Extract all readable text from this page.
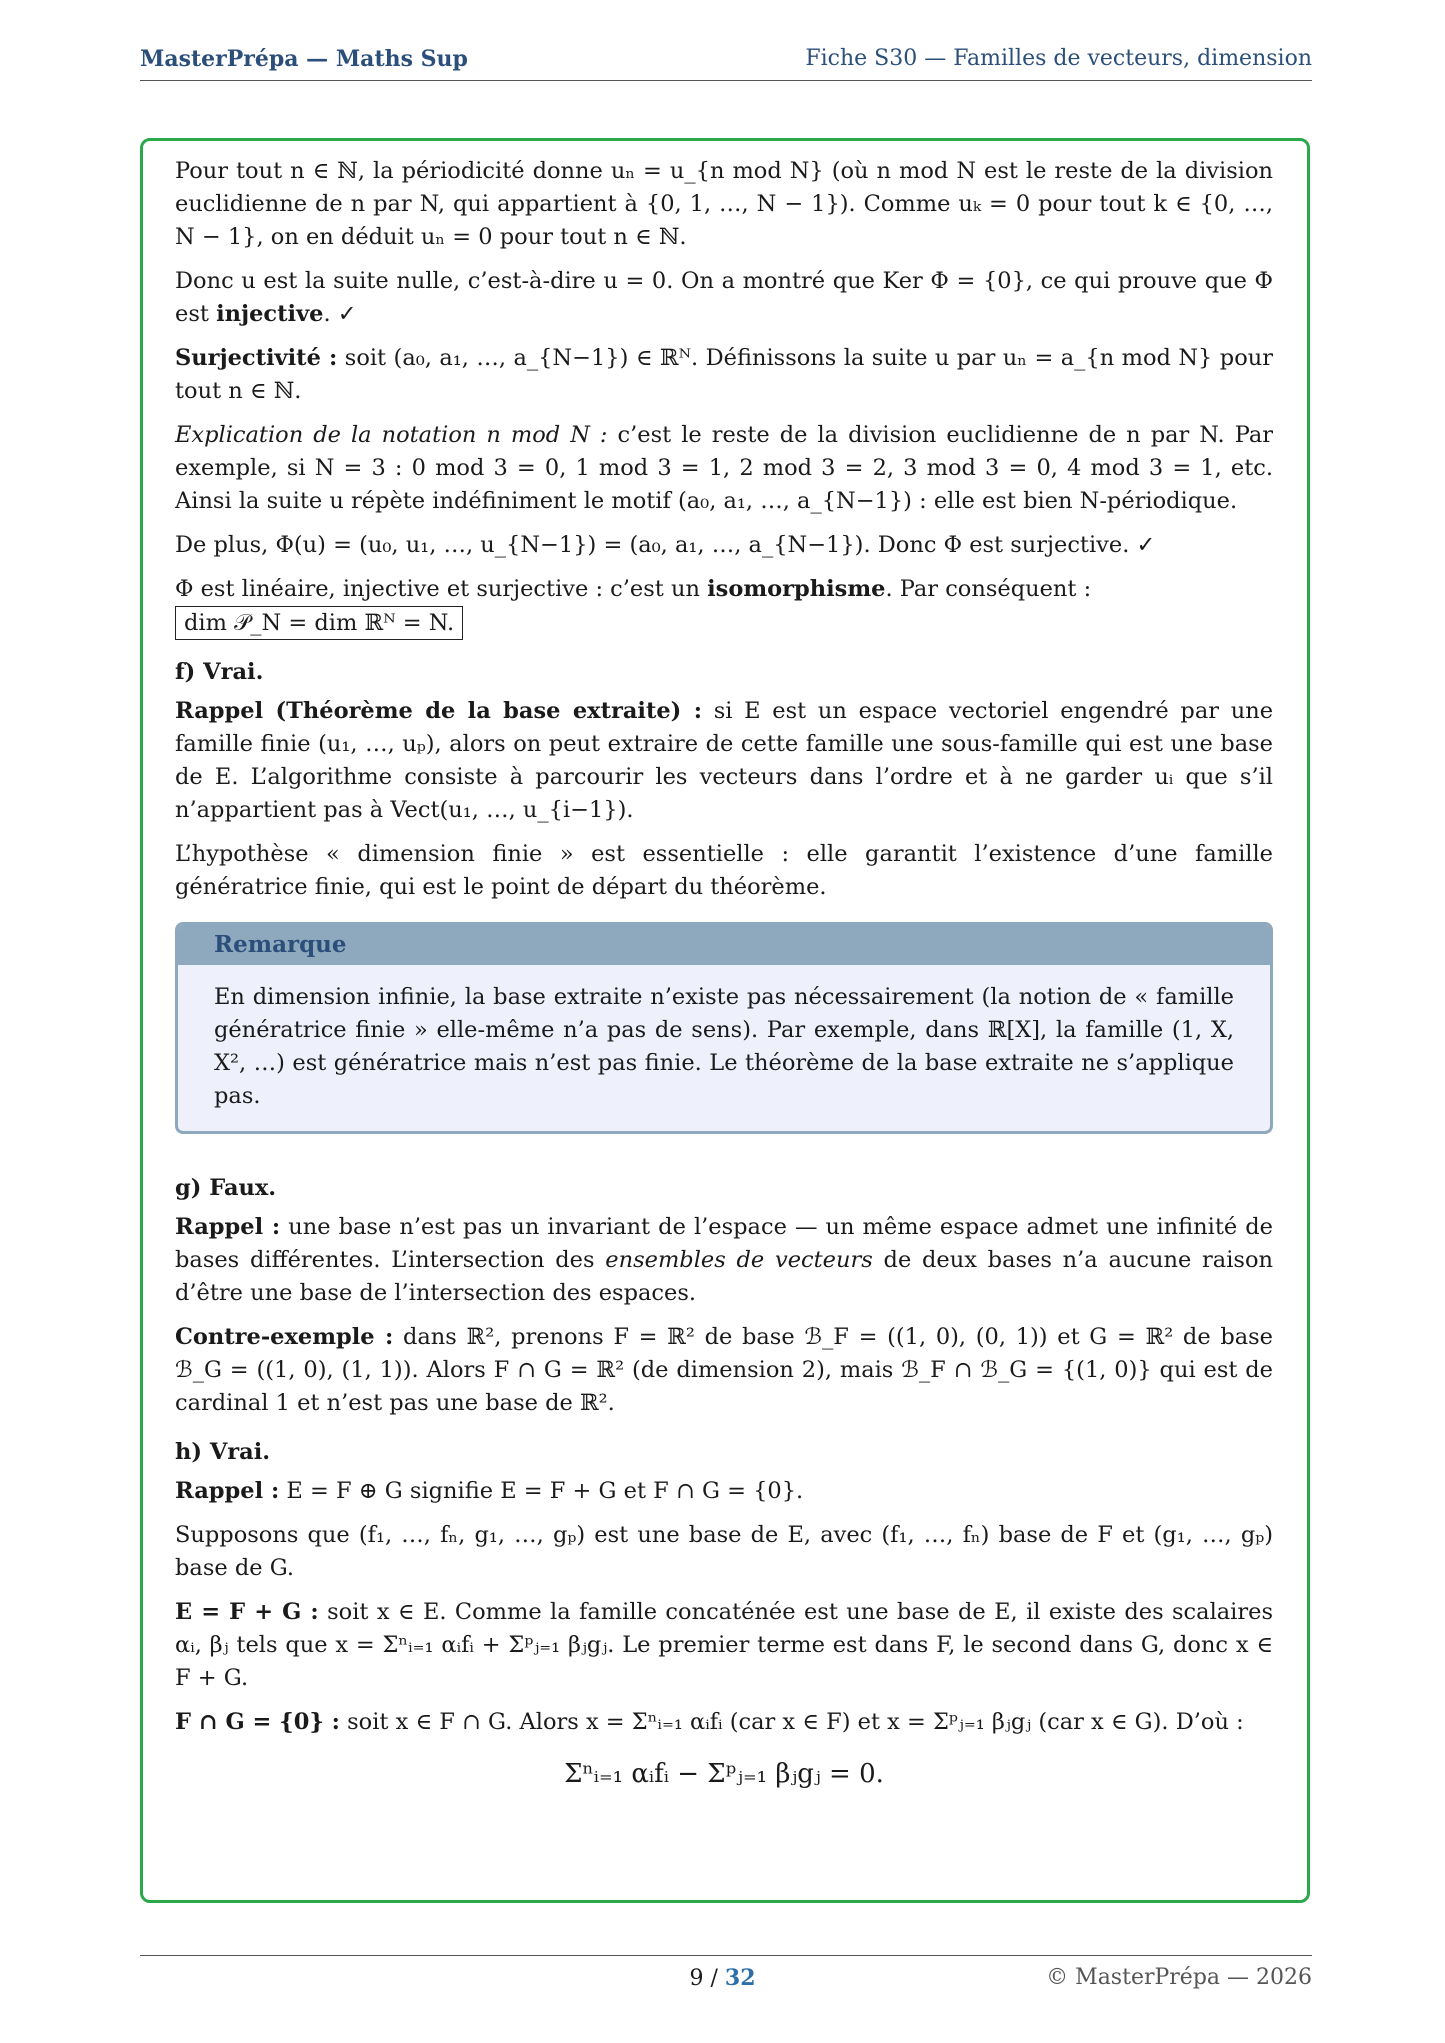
MasterPrépa — Maths Sup	Fiche S30 — Familles de vecteurs, dimension

Pour tout n ∈ ℕ, la périodicité donne uₙ = u_{n mod N} (où n mod N est le reste de la division euclidienne de n par N, qui appartient à {0, 1, …, N − 1}). Comme uₖ = 0 pour tout k ∈ {0, …, N − 1}, on en déduit uₙ = 0 pour tout n ∈ ℕ.

Donc u est la suite nulle, c’est-à-dire u = 0. On a montré que Ker Φ = {0}, ce qui prouve que Φ est injective. ✓

Surjectivité : soit (a₀, a₁, …, a_{N−1}) ∈ ℝᴺ. Définissons la suite u par uₙ = a_{n mod N} pour tout n ∈ ℕ.

Explication de la notation n mod N : c’est le reste de la division euclidienne de n par N. Par exemple, si N = 3 : 0 mod 3 = 0, 1 mod 3 = 1, 2 mod 3 = 2, 3 mod 3 = 0, 4 mod 3 = 1, etc. Ainsi la suite u répète indéfiniment le motif (a₀, a₁, …, a_{N−1}) : elle est bien N-périodique.

De plus, Φ(u) = (u₀, u₁, …, u_{N−1}) = (a₀, a₁, …, a_{N−1}). Donc Φ est surjective. ✓

Φ est linéaire, injective et surjective : c’est un isomorphisme. Par conséquent :
dim 𝒫_N = dim ℝᴺ = N.

f) Vrai.

Rappel (Théorème de la base extraite) : si E est un espace vectoriel engendré par une famille finie (u₁, …, uₚ), alors on peut extraire de cette famille une sous-famille qui est une base de E. L’algorithme consiste à parcourir les vecteurs dans l’ordre et à ne garder uᵢ que s’il n’appartient pas à Vect(u₁, …, u_{i−1}).

L’hypothèse « dimension finie » est essentielle : elle garantit l’existence d’une famille génératrice finie, qui est le point de départ du théorème.

Remarque
En dimension infinie, la base extraite n’existe pas nécessairement (la notion de « famille génératrice finie » elle-même n’a pas de sens). Par exemple, dans ℝ[X], la famille (1, X, X², …) est génératrice mais n’est pas finie. Le théorème de la base extraite ne s’applique pas.
g) Faux.

Rappel : une base n’est pas un invariant de l’espace — un même espace admet une infinité de bases différentes. L’intersection des ensembles de vecteurs de deux bases n’a aucune raison d’être une base de l’intersection des espaces.

Contre-exemple : dans ℝ², prenons F = ℝ² de base ℬ_F = ((1, 0), (0, 1)) et G = ℝ² de base ℬ_G = ((1, 0), (1, 1)). Alors F ∩ G = ℝ² (de dimension 2), mais ℬ_F ∩ ℬ_G = {(1, 0)} qui est de cardinal 1 et n’est pas une base de ℝ².

h) Vrai.

Rappel : E = F ⊕ G signifie E = F + G et F ∩ G = {0}.

Supposons que (f₁, …, fₙ, g₁, …, gₚ) est une base de E, avec (f₁, …, fₙ) base de F et (g₁, …, gₚ) base de G.

E = F + G : soit x ∈ E. Comme la famille concaténée est une base de E, il existe des scalaires αᵢ, βⱼ tels que x = Σⁿᵢ₌₁ αᵢfᵢ + Σᵖⱼ₌₁ βⱼgⱼ. Le premier terme est dans F, le second dans G, donc x ∈ F + G.

F ∩ G = {0} : soit x ∈ F ∩ G. Alors x = Σⁿᵢ₌₁ αᵢfᵢ (car x ∈ F) et x = Σᵖⱼ₌₁ βⱼgⱼ (car x ∈ G). D’où :

Σⁿᵢ₌₁ αᵢfᵢ − Σᵖⱼ₌₁ βⱼgⱼ = 0.
9 / 32	© MasterPrépa — 2026
